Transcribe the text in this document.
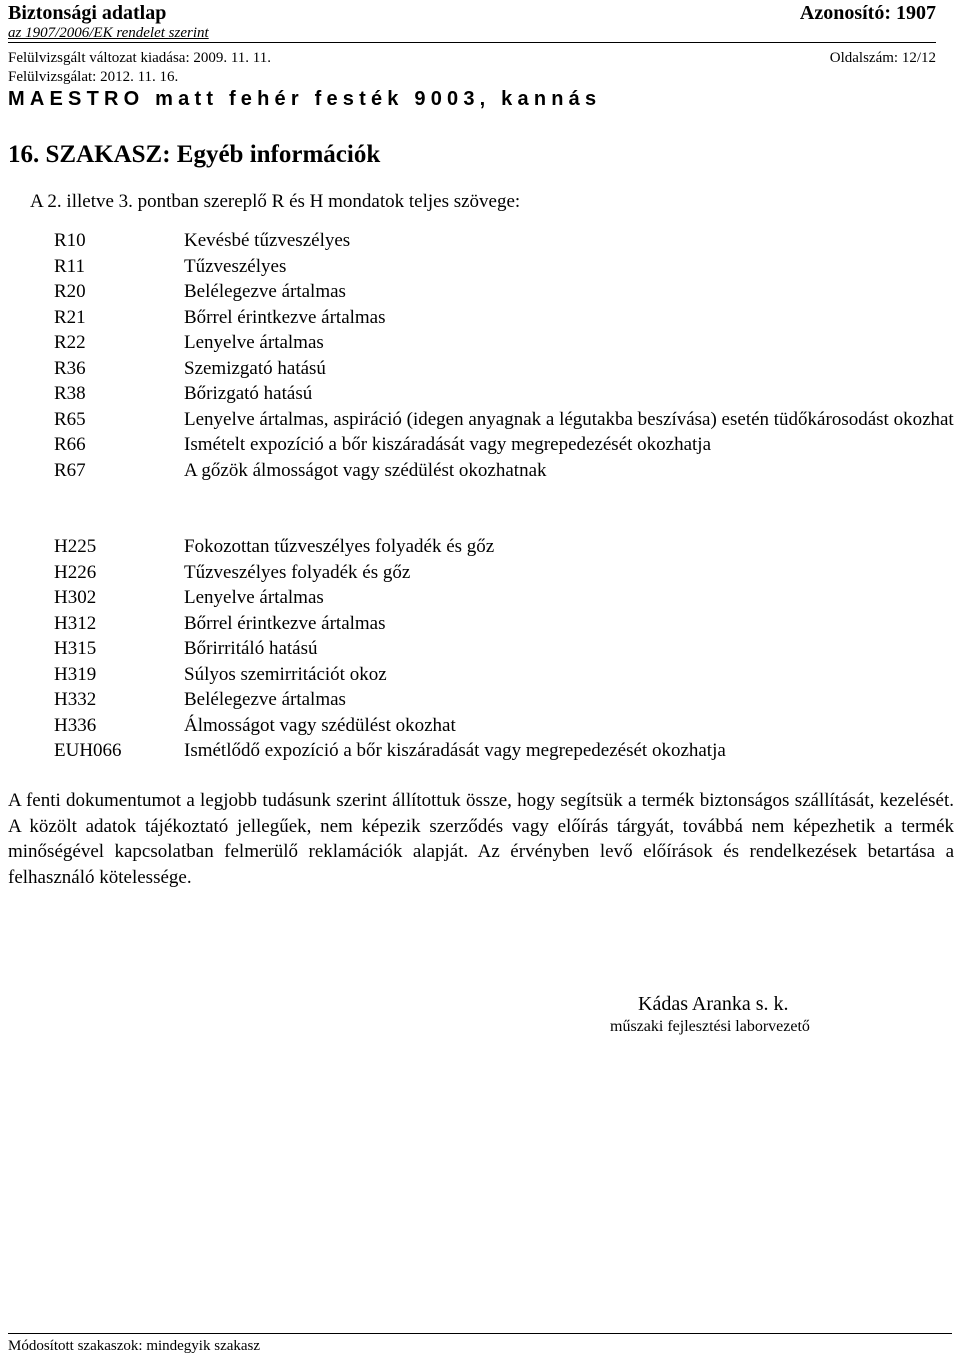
Biztonsági adatlap	Azonosító: 1907
az 1907/2006/EK rendelet szerint
Felülvizsgált változat kiadása: 2009. 11. 11.	Oldalszám: 12/12
Felülvizsgálat: 2012. 11. 16.
MAESTRO matt fehér festék 9003, kannás
16. SZAKASZ: Egyéb információk
A 2. illetve 3. pontban szereplő R és H mondatok teljes szövege:
R10	Kevésbé tűzveszélyes
R11	Tűzveszélyes
R20	Belélegezve ártalmas
R21	Bőrrel érintkezve ártalmas
R22	Lenyelve ártalmas
R36	Szemizgató hatású
R38	Bőrizgató hatású
R65	Lenyelve ártalmas, aspiráció (idegen anyagnak a légutakba beszívása) esetén tüdőkárosodást okozhat
R66	Ismételt expozíció a bőr kiszáradását vagy megrepedezését okozhatja
R67	A gőzök álmosságot vagy szédülést okozhatnak
H225	Fokozottan tűzveszélyes folyadék és gőz
H226	Tűzveszélyes folyadék és gőz
H302	Lenyelve ártalmas
H312	Bőrrel érintkezve ártalmas
H315	Bőrirritáló hatású
H319	Súlyos szemirritációt okoz
H332	Belélegezve ártalmas
H336	Álmosságot vagy szédülést okozhat
EUH066	Ismétlődő expozíció a bőr kiszáradását vagy megrepedezését okozhatja

A fenti dokumentumot a legjobb tudásunk szerint állítottuk össze, hogy segítsük a termék biztonságos szállítását, kezelését. A közölt adatok tájékoztató jellegűek, nem képezik szerződés vagy előírás tárgyát, továbbá nem képezhetik a termék minőségével kapcsolatban felmerülő reklamációk alapját. Az érvényben levő előírások és rendelkezések betartása a felhasználó kötelessége.

Kádas Aranka s. k.
műszaki fejlesztési laborvezető
Módosított szakaszok: mindegyik szakasz
